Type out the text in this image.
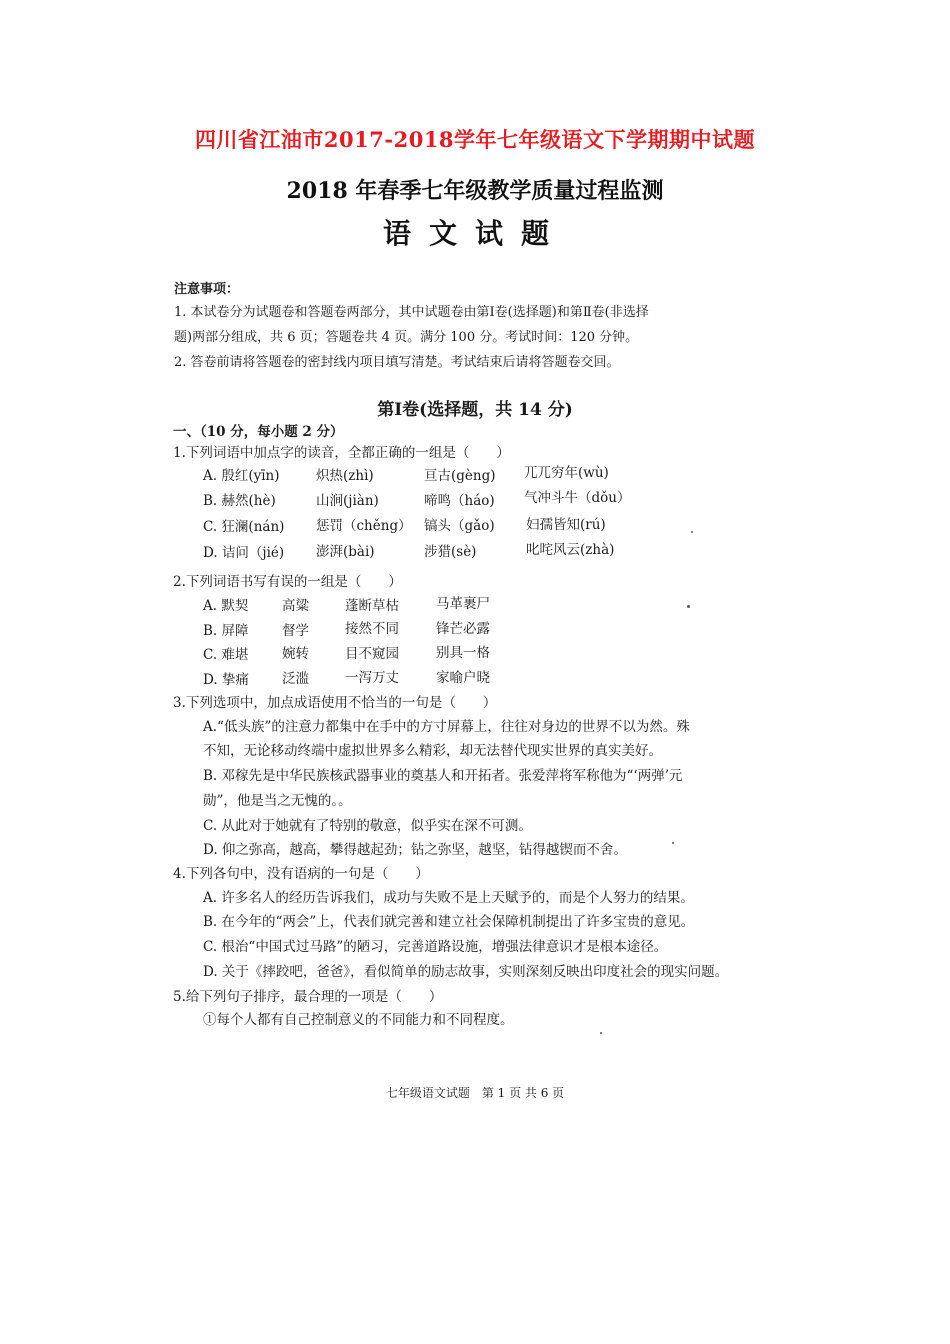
四川省江油市2017-2018学年七年级语文下学期期中试题
2018 年春季七年级教学质量过程监测
语文试题
注意事项：
1. 本试卷分为试题卷和答题卷两部分，其中试题卷由第Ⅰ卷(选择题)和第Ⅱ卷(非选择
题)两部分组成，共 6 页；答题卷共 4 页。满分 100 分。考试时间：120 分钟。
2. 答卷前请将答题卷的密封线内项目填写清楚。考试结束后请将答题卷交回。
第Ⅰ卷(选择题，共 14 分)
一、（10 分，每小题 2 分）
1.下列词语中加点字的读音，全都正确的一组是（　　）
A. 殷红(yīn)	炽热(zhì)	亘古(gèng) 兀兀穷年(wù)
B. 赫然(hè)	山涧(jiàn)	啼鸣（háo) 气冲斗牛（dǒu）
C. 狂澜(nán) 惩罚（chěng） 镐头（gǎo) 妇孺皆知(rú)
D. 诘问（jié) 澎湃(bài)	涉猎(sè)	叱咤风云(zhà)
2.下列词语书写有误的一组是（　　）
A. 默契 高粱	蓬断草枯	马革裹尸
B. 屏障 督学	接然不同	锋芒必露
C. 难堪 婉转	目不窥园	别具一格
D. 挚痛 泛滥	一泻万丈	家喻户晓
3.下列选项中，加点成语使用不恰当的一句是（　　）
A.“低头族”的注意力都集中在手中的方寸屏幕上，往往对身边的世界不以为然。殊
不知，无论移动终端中虚拟世界多么精彩，却无法替代现实世界的真实美好。
B. 邓稼先是中华民族核武器事业的奠基人和开拓者。张爱萍将军称他为“‘两弹’元
勋”，他是当之无愧的。。
C. 从此对于她就有了特别的敬意，似乎实在深不可测。
D. 仰之弥高，越高，攀得越起劲；钻之弥坚，越坚，钻得越锲而不舍。
4.下列各句中，没有语病的一句是（　　）
A. 许多名人的经历告诉我们，成功与失败不是上天赋予的，而是个人努力的结果。
B. 在今年的“两会”上，代表们就完善和建立社会保障机制提出了许多宝贵的意见。
C. 根治“中国式过马路”的陋习，完善道路设施，增强法律意识才是根本途径。
D. 关于《摔跤吧，爸爸》，看似简单的励志故事，实则深刻反映出印度社会的现实问题。
5.给下列句子排序，最合理的一项是（　　）
①每个人都有自己控制意义的不同能力和不同程度。
七年级语文试题　第 1 页 共 6 页
